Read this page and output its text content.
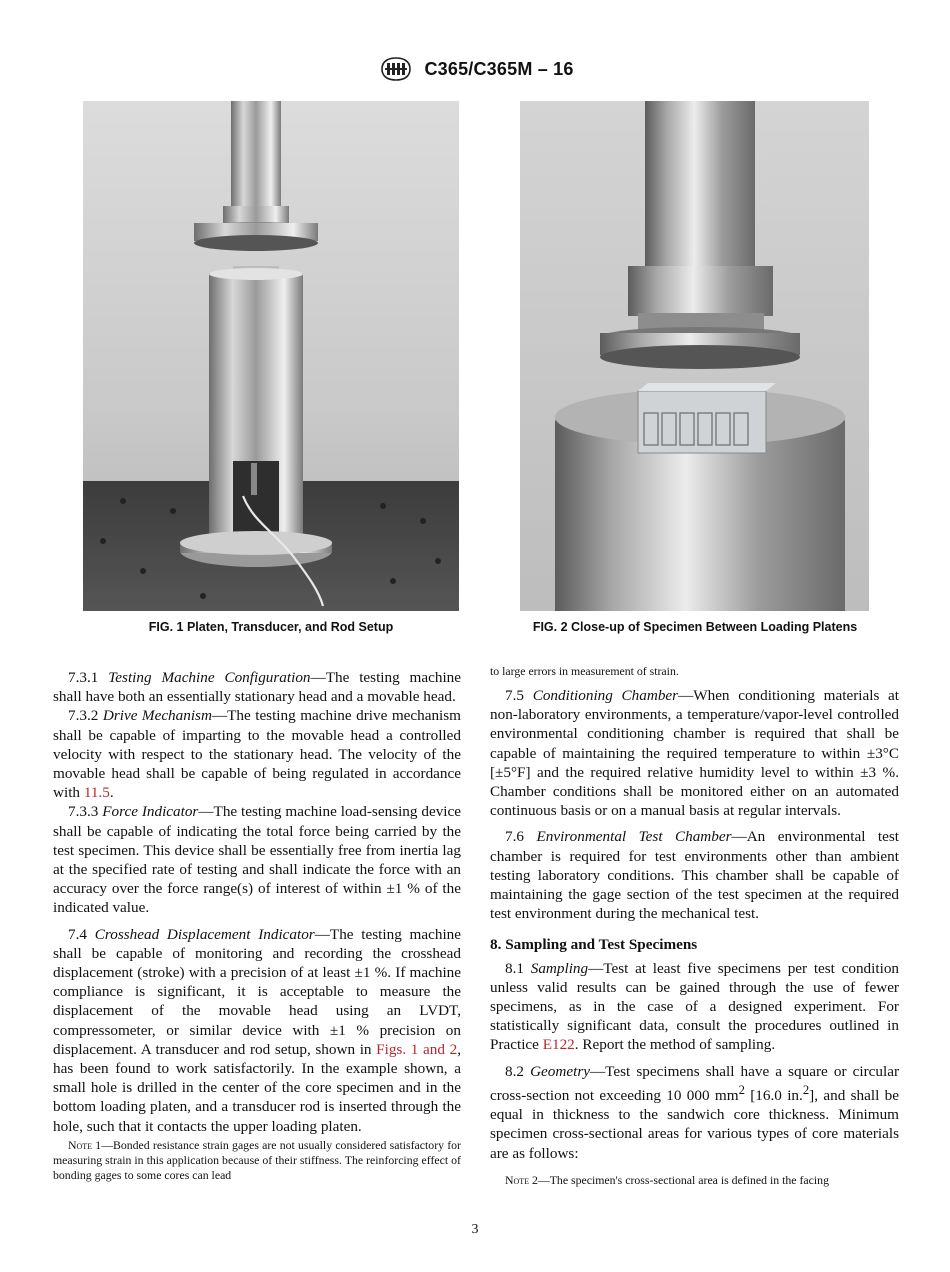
C365/C365M – 16
FIG. 1 Platen, Transducer, and Rod Setup	FIG. 2 Close-up of Specimen Between Loading Platens

7.3.1 Testing Machine Configuration—The testing machine shall have both an essentially stationary head and a movable head.

7.3.2 Drive Mechanism—The testing machine drive mechanism shall be capable of imparting to the movable head a controlled velocity with respect to the stationary head. The velocity of the movable head shall be capable of being regulated in accordance with 11.5.

7.3.3 Force Indicator—The testing machine load-sensing device shall be capable of indicating the total force being carried by the test specimen. This device shall be essentially free from inertia lag at the specified rate of testing and shall indicate the force with an accuracy over the force range(s) of interest of within ±1 % of the indicated value.

7.4 Crosshead Displacement Indicator—The testing machine shall be capable of monitoring and recording the crosshead displacement (stroke) with a precision of at least ±1 %. If machine compliance is significant, it is acceptable to measure the displacement of the movable head using an LVDT, compressometer, or similar device with ±1 % precision on displacement. A transducer and rod setup, shown in Figs. 1 and 2, has been found to work satisfactorily. In the example shown, a small hole is drilled in the center of the core specimen and in the bottom loading platen, and a transducer rod is inserted through the hole, such that it contacts the upper loading platen.

Note 1—Bonded resistance strain gages are not usually considered satisfactory for measuring strain in this application because of their stiffness. The reinforcing effect of bonding gages to some cores can lead

to large errors in measurement of strain.

7.5 Conditioning Chamber—When conditioning materials at non-laboratory environments, a temperature/vapor-level controlled environmental conditioning chamber is required that shall be capable of maintaining the required temperature to within ±3°C [±5°F] and the required relative humidity level to within ±3 %. Chamber conditions shall be monitored either on an automated continuous basis or on a manual basis at regular intervals.

7.6 Environmental Test Chamber—An environmental test chamber is required for test environments other than ambient testing laboratory conditions. This chamber shall be capable of maintaining the gage section of the test specimen at the required test environment during the mechanical test.

8. Sampling and Test Specimens

8.1 Sampling—Test at least five specimens per test condition unless valid results can be gained through the use of fewer specimens, as in the case of a designed experiment. For statistically significant data, consult the procedures outlined in Practice E122. Report the method of sampling.

8.2 Geometry—Test specimens shall have a square or circular cross-section not exceeding 10 000 $mm^2$ [16.0 in.$^2$], and shall be equal in thickness to the sandwich core thickness. Minimum specimen cross-sectional areas for various types of core materials are as follows:

Note 2—The specimen's cross-sectional area is defined in the facing

3
